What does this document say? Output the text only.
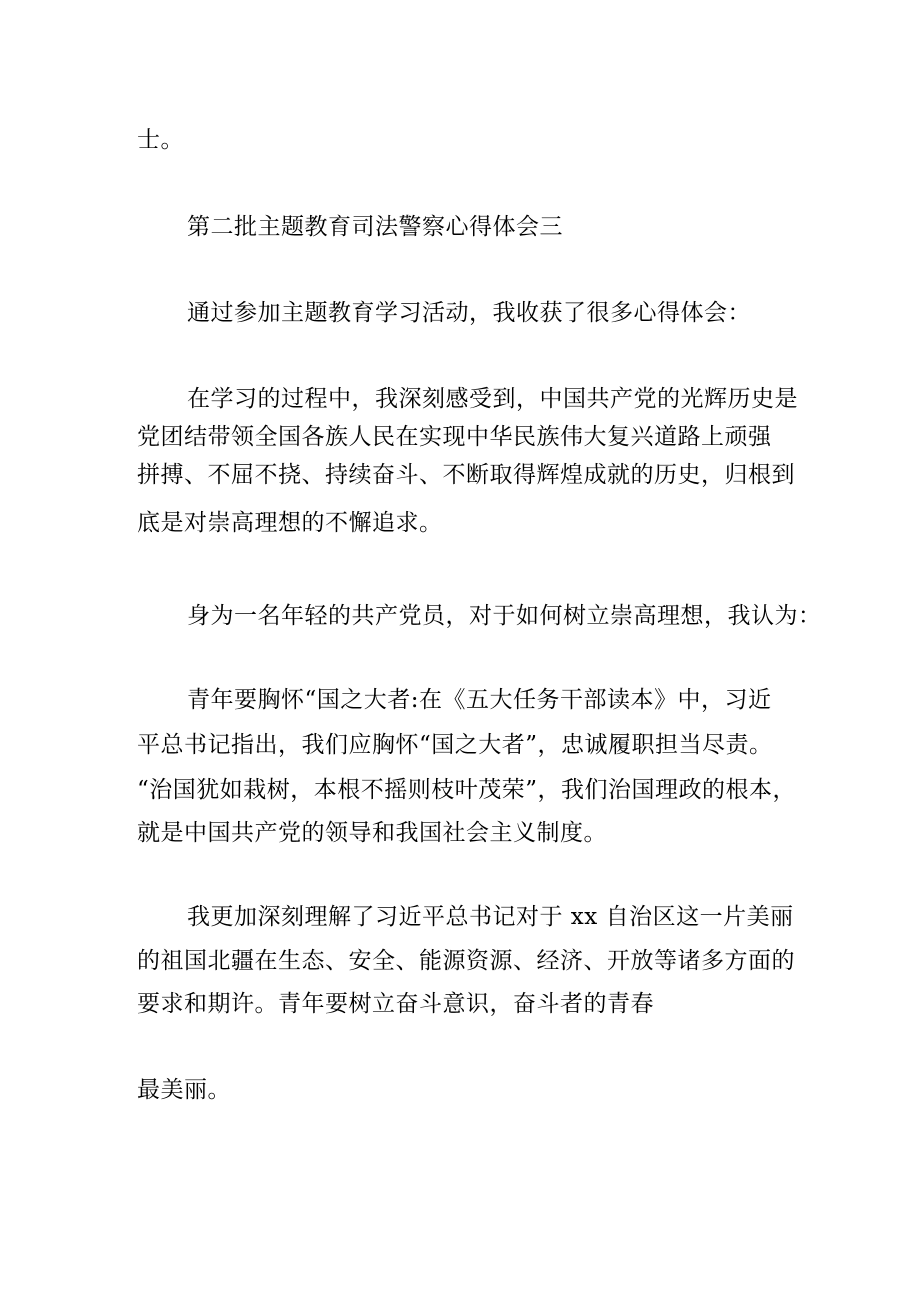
士。
第二批主题教育司法警察心得体会三
通过参加主题教育学习活动，我收获了很多心得体会：
在学习的过程中，我深刻感受到，中国共产党的光辉历史是
党团结带领全国各族人民在实现中华民族伟大复兴道路上顽强
拼搏、不屈不挠、持续奋斗、不断取得辉煌成就的历史，归根到
底是对崇高理想的不懈追求。
身为一名年轻的共产党员，对于如何树立崇高理想，我认为：
青年要胸怀“国之大者:在《五大任务干部读本》中，习近
平总书记指出，我们应胸怀“国之大者”，忠诚履职担当尽责。
“治国犹如栽树，本根不摇则枝叶茂荣”，我们治国理政的根本，
就是中国共产党的领导和我国社会主义制度。
我更加深刻理解了习近平总书记对于 xx 自治区这一片美丽
的祖国北疆在生态、安全、能源资源、经济、开放等诸多方面的
要求和期许。青年要树立奋斗意识，奋斗者的青春
最美丽。
